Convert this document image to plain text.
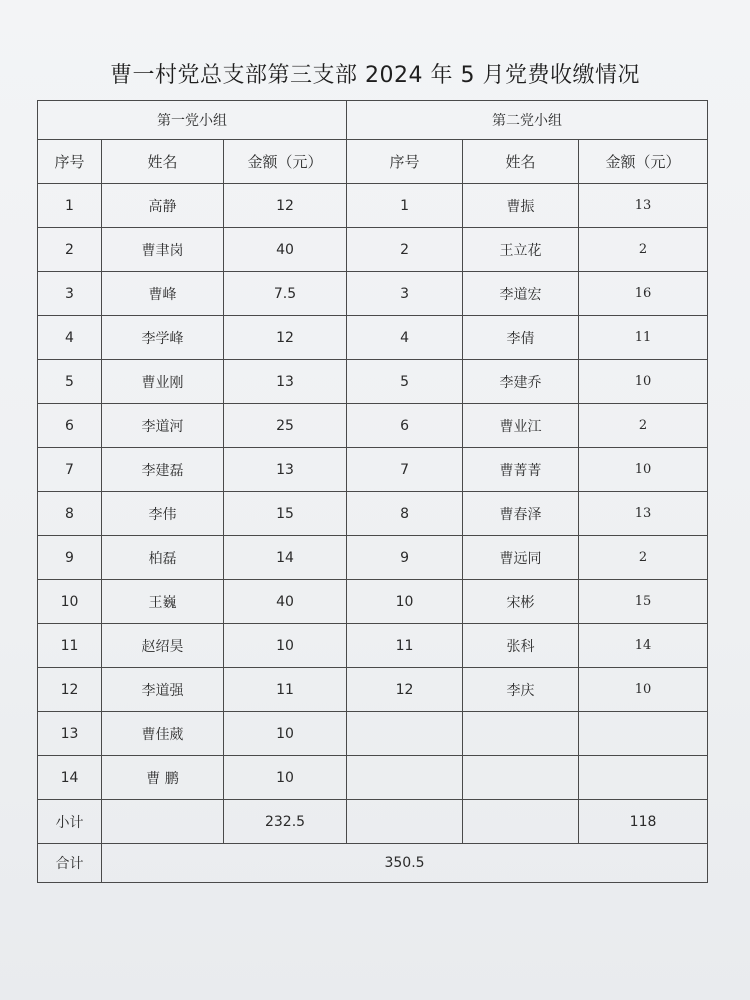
曹一村党总支部第三支部 2024 年 5 月党费收缴情况
第一党小组			第二党小组		
序号	姓名	金额（元）	序号	姓名	金额（元）
1	高静	12	1	曹振	13
2	曹聿岗	40	2	王立花	2
3	曹峰	7.5	3	李道宏	16
4	李学峰	12	4	李倩	11
5	曹业刚	13	5	李建乔	10
6	李道河	25	6	曹业江	2
7	李建磊	13	7	曹菁菁	10
8	李伟	15	8	曹春泽	13
9	柏磊	14	9	曹远同	2
10	王巍	40	10	宋彬	15
11	赵绍昊	10	11	张科	14
12	李道强	11	12	李庆	10
13	曹佳葳	10			
14	曹 鹏	10			
小计		232.5			118
合计	350.5				
